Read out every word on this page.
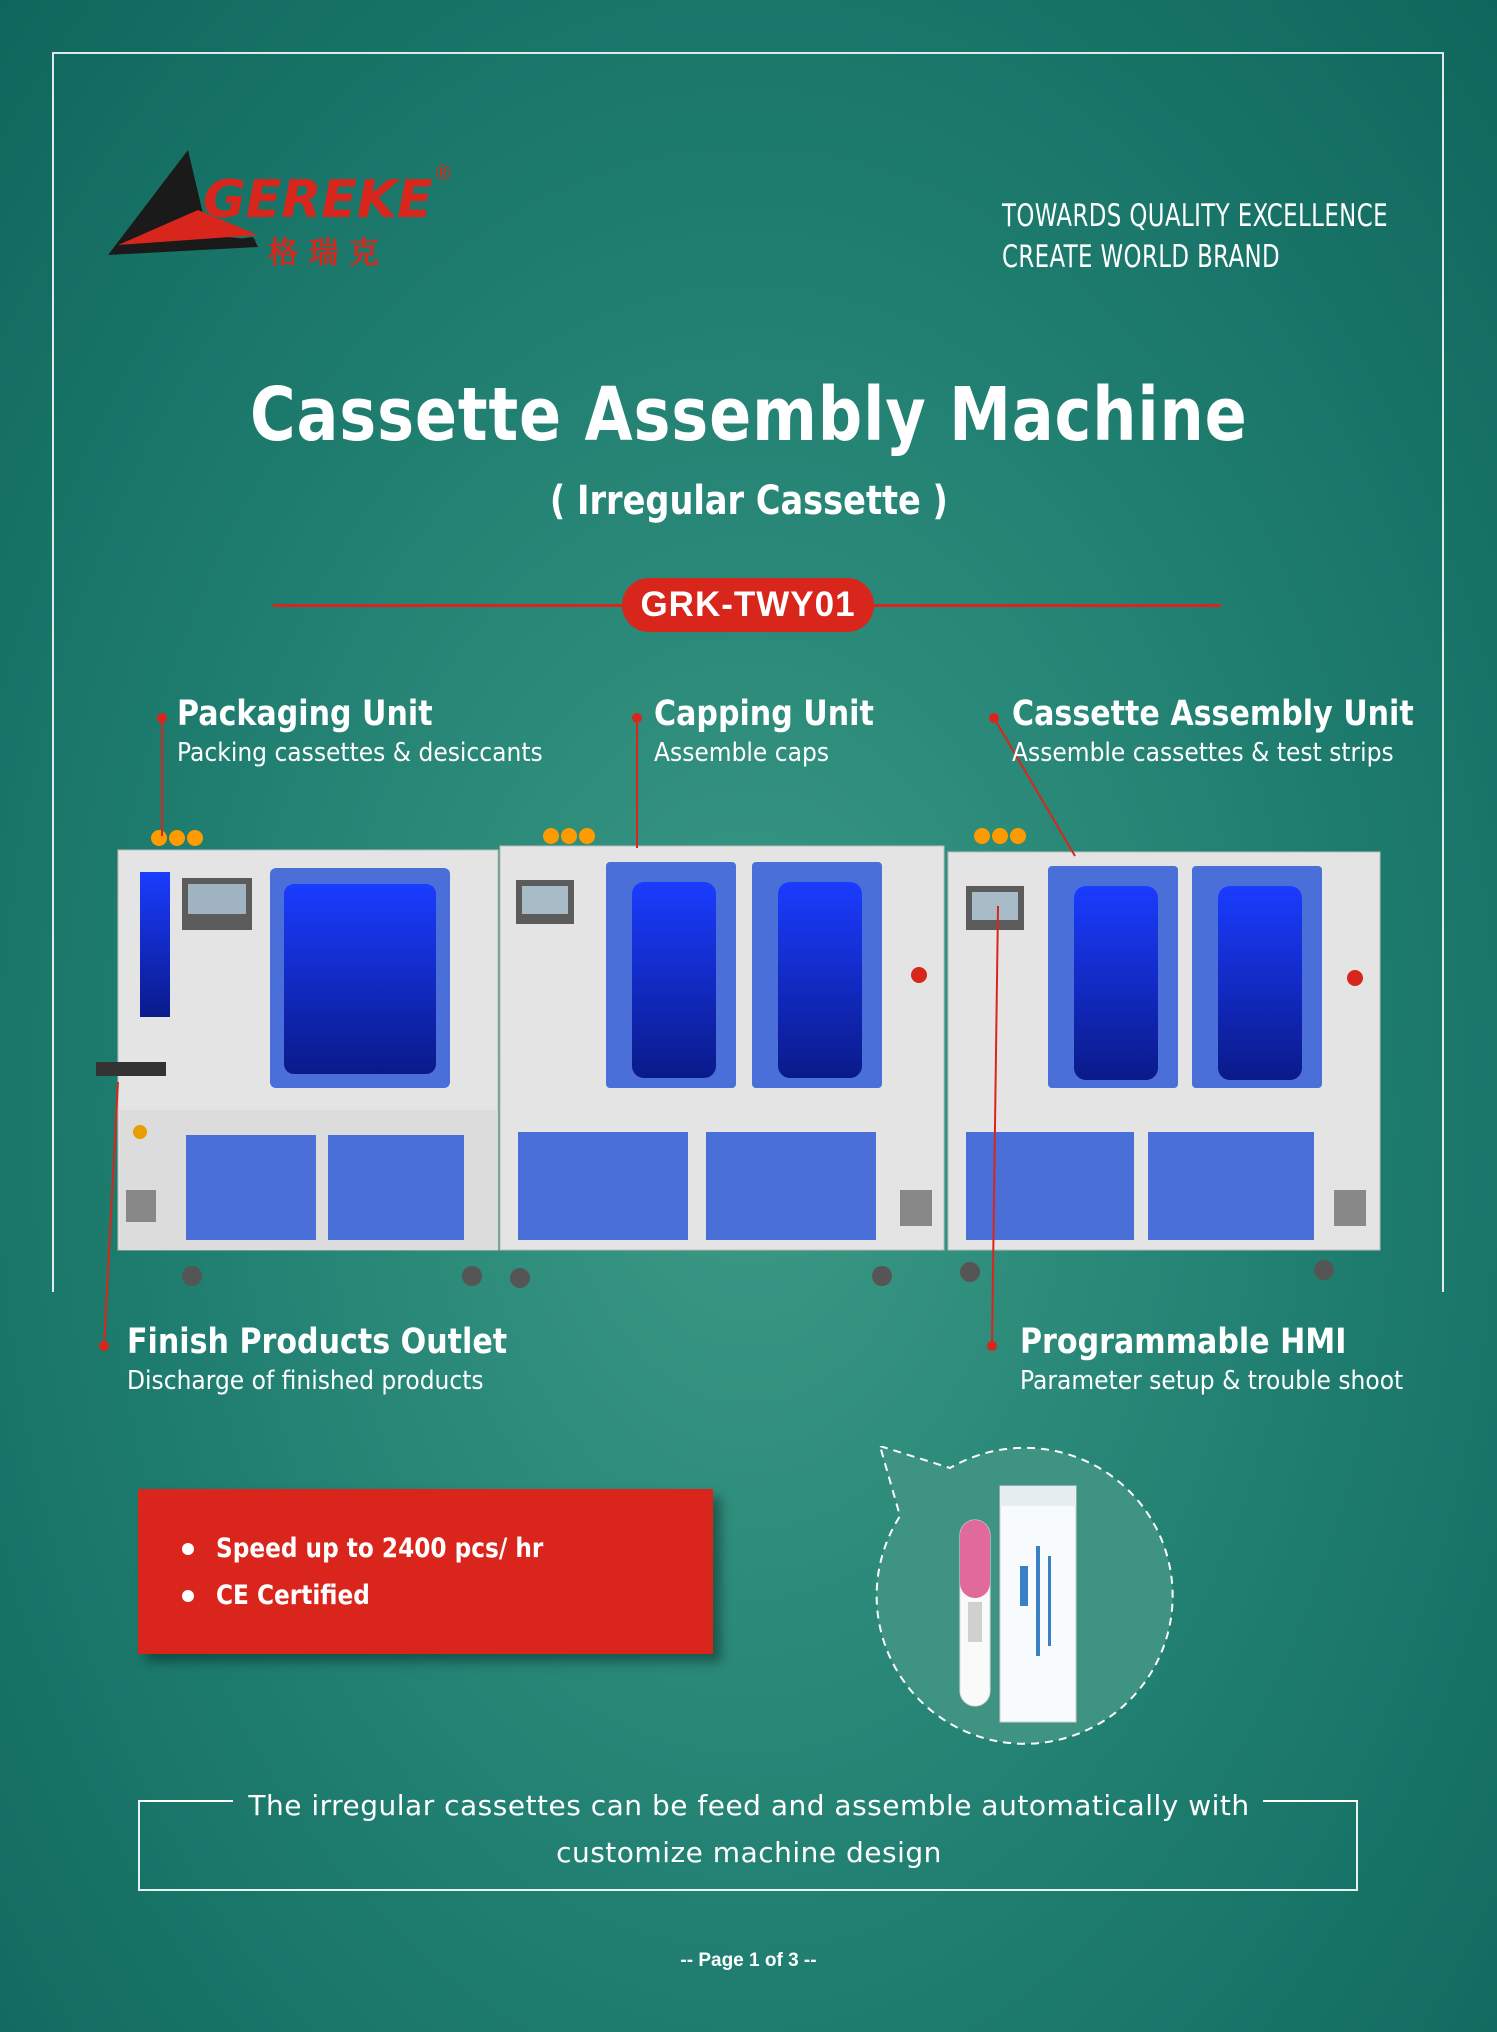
GEREKE ®
格 瑞 克
TOWARDS QUALITY EXCELLENCE
CREATE WORLD BRAND
Cassette Assembly Machine
( Irregular Cassette )
GRK-TWY01
Packaging Unit
Packing cassettes & desiccants
Capping Unit
Assemble caps
Cassette Assembly Unit
Assemble cassettes & test strips
Finish Products Outlet
Discharge of finished products
Programmable HMI
Parameter setup & trouble shoot
Speed up to 2400 pcs/ hr
CE Certified
The irregular cassettes can be feed and assemble automatically with customize machine design
-- Page 1 of 3 --
